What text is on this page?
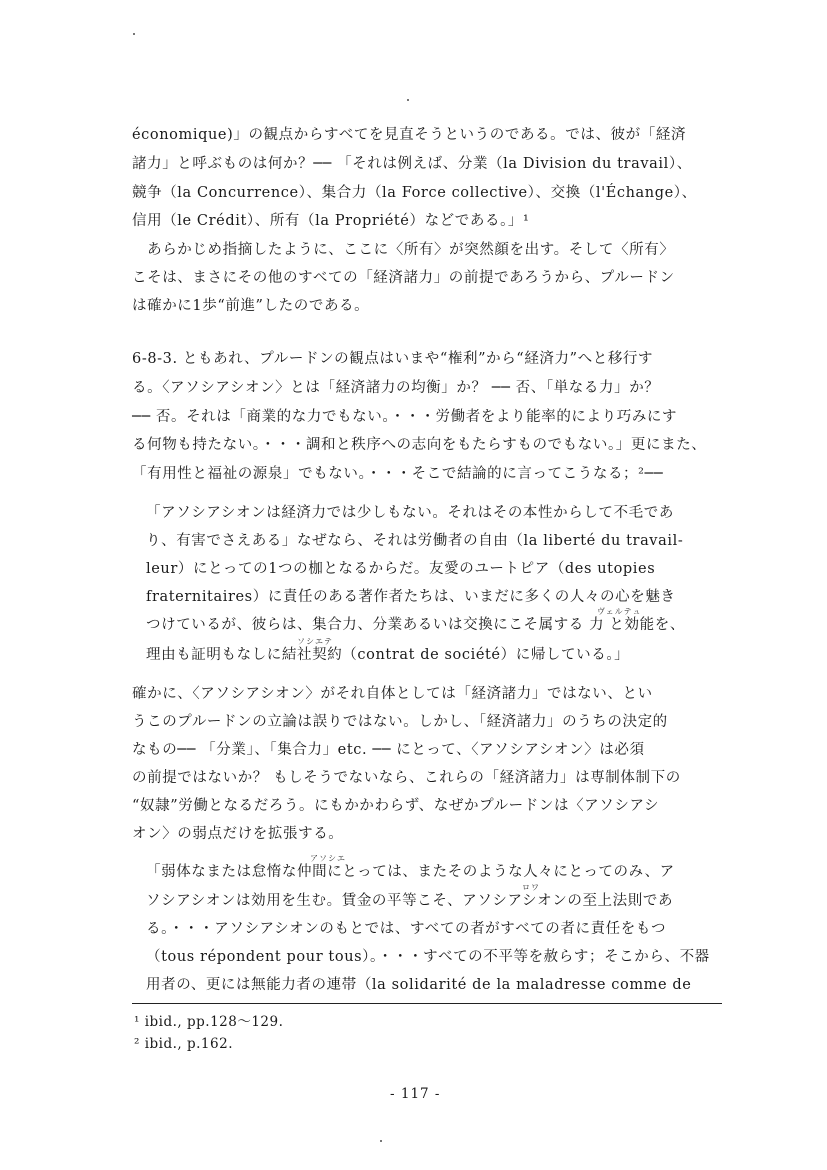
économique)」の観点からすべてを見直そうというのである。では、彼が「経済
諸力」と呼ぶものは何か？── 「それは例えば、分業（la Division du travail）、
競争（la Concurrence）、集合力（la Force collective）、交換（l'Échange）、
信用（le Crédit）、所有（la Propriété）などである。」¹
　あらかじめ指摘したように、ここに〈所有〉が突然顔を出す。そして〈所有〉
こそは、まさにその他のすべての「経済諸力」の前提であろうから、プルードン
は確かに1歩“前進”したのである。
6-8-3. ともあれ、プルードンの観点はいまや“権利”から“経済力”へと移行す
る。〈アソシアシオン〉とは「経済諸力の均衡」か？ ── 否、「単なる力」か？
── 否。それは「商業的な力でもない。・・・労働者をより能率的により巧みにす
る何物も持たない。・・・調和と秩序への志向をもたらすものでもない。」更にまた、
「有用性と福祉の源泉」でもない。・・・そこで結論的に言ってこうなる；²──
「アソシアシオンは経済力では少しもない。それはその本性からして不毛であ
り、有害でさえある」なぜなら、それは労働者の自由（la liberté du travail-
leur）にとっての1つの枷となるからだ。友愛のユートピア（des utopies
fraternitaires）に責任のある著作者たちは、いまだに多くの人々の心を魅き
ヴェルテュ
つけているが、彼らは、集合力、分業あるいは交換にこそ属する 力 と効能を、
ソシエテ
理由も証明もなしに結社契約（contrat de société）に帰している。」
確かに、〈アソシアシオン〉がそれ自体としては「経済諸力」ではない、とい
うこのプルードンの立論は誤りではない。しかし、「経済諸力」のうちの決定的
なもの── 「分業」、「集合力」etc. ── にとって、〈アソシアシオン〉は必須
の前提ではないか？ もしそうでないなら、これらの「経済諸力」は専制体制下の
“奴隷”労働となるだろう。にもかかわらず、なぜかプルードンは〈アソシアシ
オン〉の弱点だけを拡張する。
アソシエ
「弱体なまたは怠惰な仲間にとっては、またそのような人々にとってのみ、ア
ロワ
ソシアシオンは効用を生む。賃金の平等こそ、アソシアシオンの至上法則であ
る。・・・アソシアシオンのもとでは、すべての者がすべての者に責任をもつ
（tous répondent pour tous）。・・・すべての不平等を赦らす；そこから、不器
用者の、更には無能力者の連帯（la solidarité de la maladresse comme de
¹ ibid., pp.128〜129.
² ibid., p.162.
- 117 -
